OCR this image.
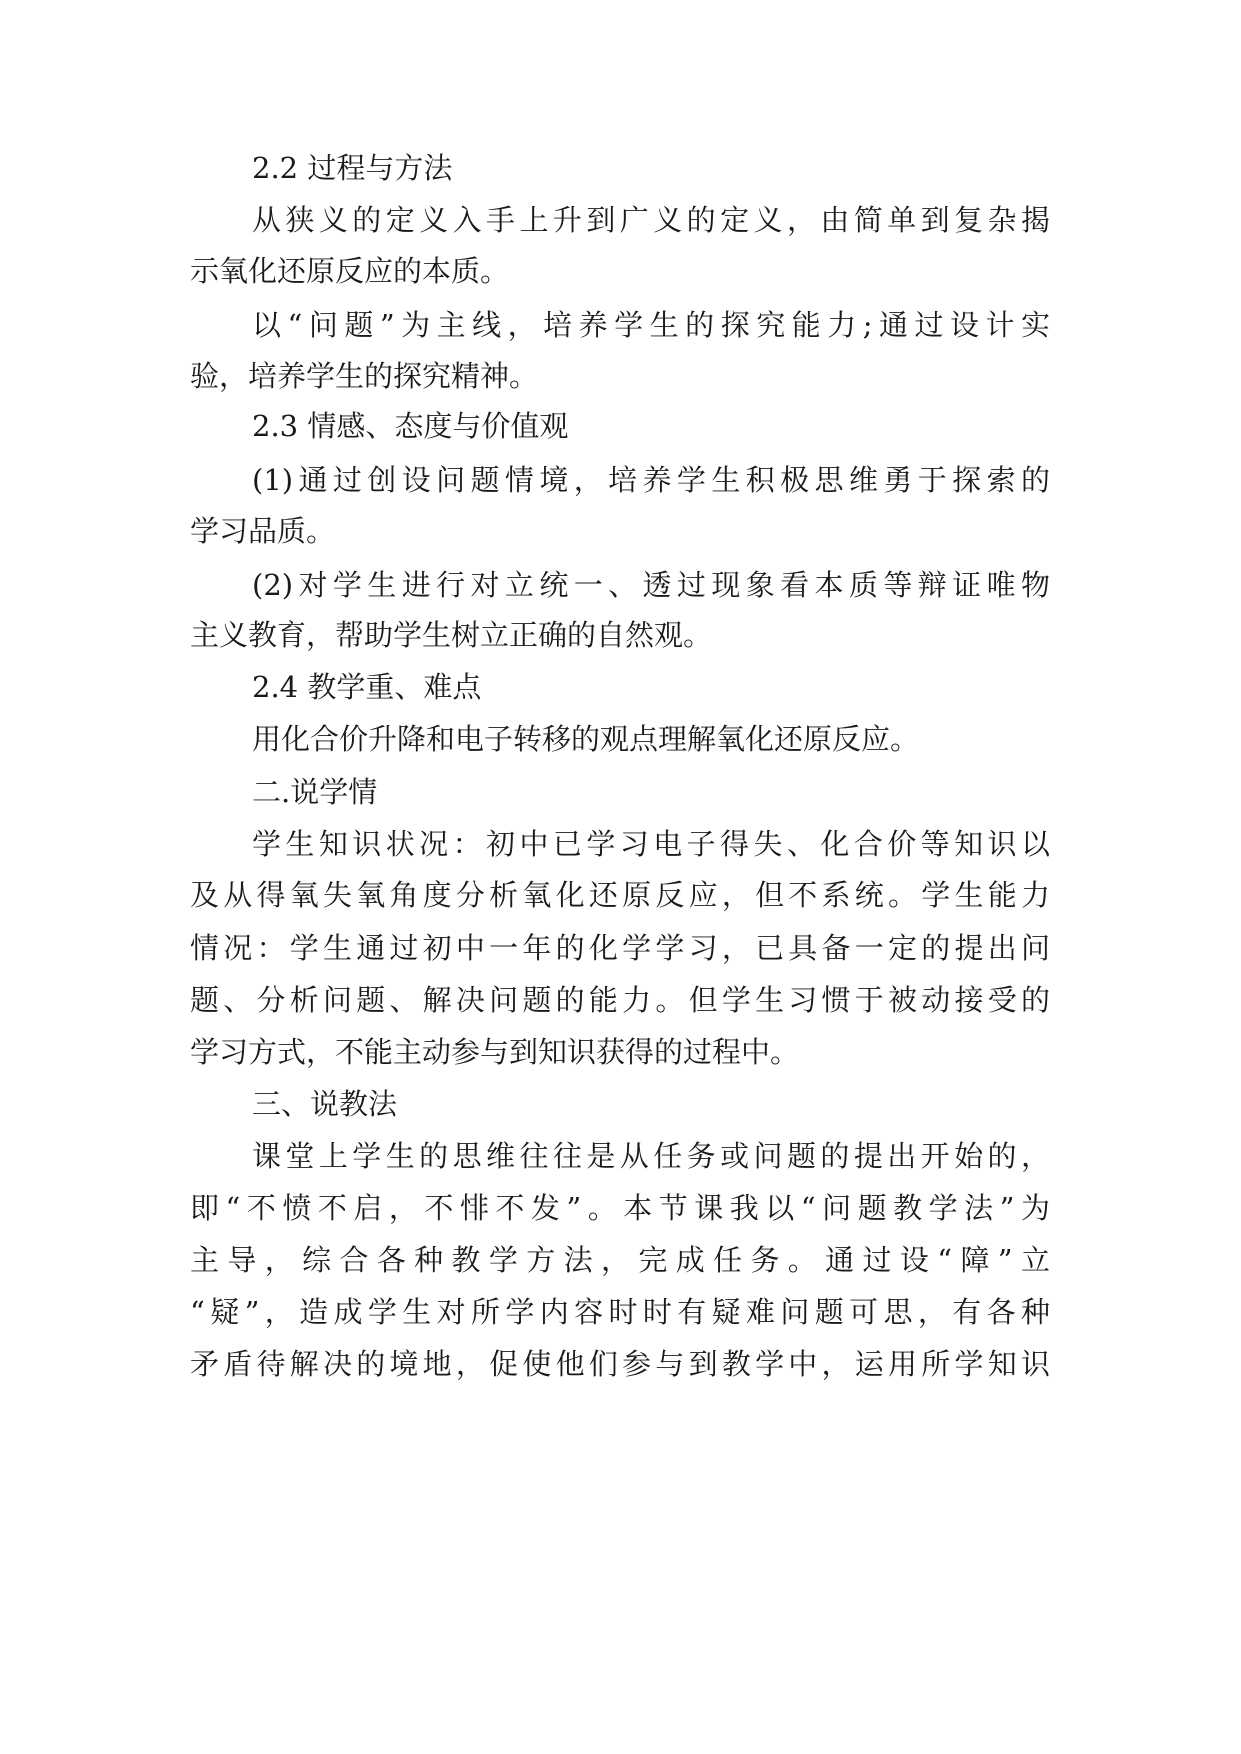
2.2 过程与方法
从狭义的定义入手上升到广义的定义，由简单到复杂揭
示氧化还原反应的本质。
以“问题”为主线，培养学生的探究能力;通过设计实
验，培养学生的探究精神。
2.3 情感、态度与价值观
(1)通过创设问题情境，培养学生积极思维勇于探索的
学习品质。
(2)对学生进行对立统一、透过现象看本质等辩证唯物
主义教育，帮助学生树立正确的自然观。
2.4 教学重、难点
用化合价升降和电子转移的观点理解氧化还原反应。
二.说学情
学生知识状况：初中已学习电子得失、化合价等知识以
及从得氧失氧角度分析氧化还原反应，但不系统。学生能力
情况：学生通过初中一年的化学学习，已具备一定的提出问
题、分析问题、解决问题的能力。但学生习惯于被动接受的
学习方式，不能主动参与到知识获得的过程中。
三、说教法
课堂上学生的思维往往是从任务或问题的提出开始的，
即“不愤不启，不悱不发”。本节课我以“问题教学法”为
主导，综合各种教学方法，完成任务。通过设“障”立
“疑”，造成学生对所学内容时时有疑难问题可思，有各种
矛盾待解决的境地，促使他们参与到教学中，运用所学知识
